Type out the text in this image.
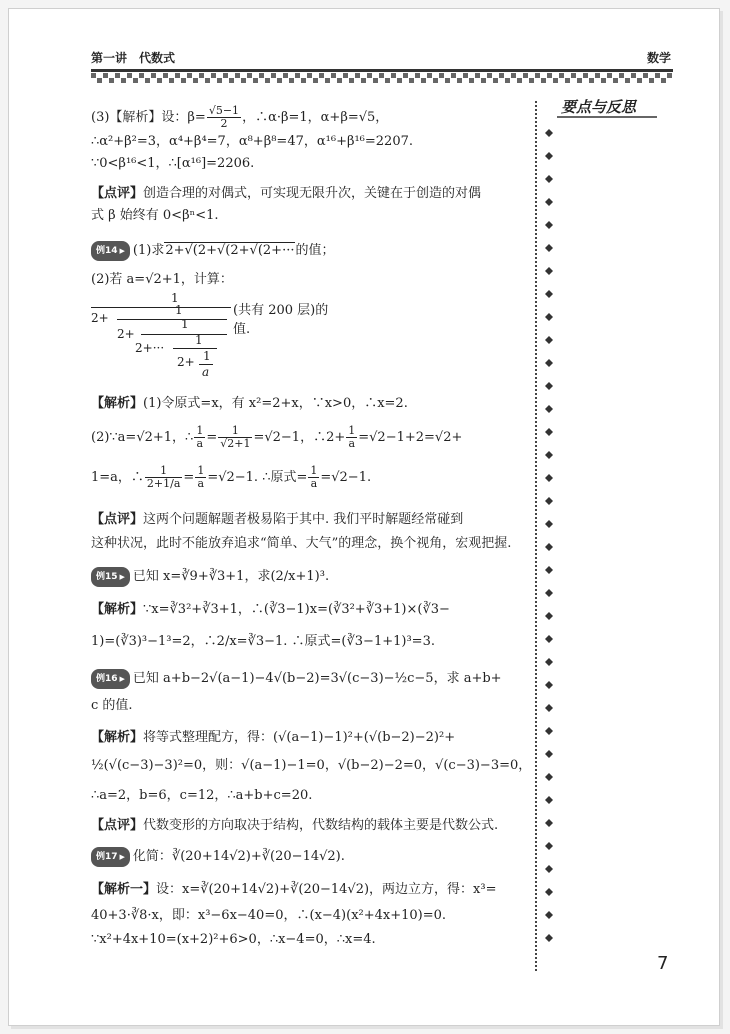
第一讲　代数式	数学
要点与反思
(3)【解析】设：$\beta= \frac{√5-1}{2}$ ，∴α·β=1，α+β=√5，
∴α²+β²=3，α⁴+β⁴=7，α⁸+β⁸=47，α¹⁶+β¹⁶=2207.
∵0<β¹⁶<1，∴[α¹⁶]=2206.
【点评】创造合理的对偶式，可实现无限升次，关键在于创造的对偶
式 β 始终有 0<βⁿ<1.
例14 ▶ (1)求2+√(2+√(2+√(2+···的值；
(2)若 a=√2+1，计算：
1
2+
1
2+
1
2+···
1
2+ 1
a
(共有 200 层)的值.
【解析】(1)令原式=x，有 x²=2+x，∵x>0，∴x=2.
(2)∵a=√2+1，∴ $\frac{1}{a} = \frac{1}{√2+1} =√2-1$，∴2+ $\frac{1}{a} =√2-1+2=√2+$
1=a，∴ $\frac{1}{2+1/a} = \frac{1}{a} =√2-1$. ∴原式= $\frac{1}{a} =√2-1$.
【点评】这两个问题解题者极易陷于其中. 我们平时解题经常碰到
这种状况，此时不能放弃追求“简单、大气”的理念，换个视角，宏观把握.
例15 ▶ 已知 x=∛9+∛3+1，求(2/x+1)³.
【解析】∵x=∛3²+∛3+1，∴(∛3−1)x=(∛3²+∛3+1)×(∛3−
1)=(∛3)³−1³=2，∴2/x=∛3−1. ∴原式=(∛3−1+1)³=3.
例16 ▶ 已知 a+b−2√(a−1)−4√(b−2)=3√(c−3)−½c−5，求 a+b+
c 的值.
【解析】将等式整理配方，得：(√(a−1)−1)²+(√(b−2)−2)²+
½(√(c−3)−3)²=0，则：√(a−1)−1=0，√(b−2)−2=0，√(c−3)−3=0，
∴a=2，b=6，c=12，∴a+b+c=20.
【点评】代数变形的方向取决于结构，代数结构的载体主要是代数公式.
例17 ▶ 化简：∛(20+14√2)+∛(20−14√2).
【解析一】设：x=∛(20+14√2)+∛(20−14√2)，两边立方，得：x³=
40+3·∛8·x，即：x³−6x−40=0，∴(x−4)(x²+4x+10)=0.
∵x²+4x+10=(x+2)²+6>0，∴x−4=0，∴x=4.
7
